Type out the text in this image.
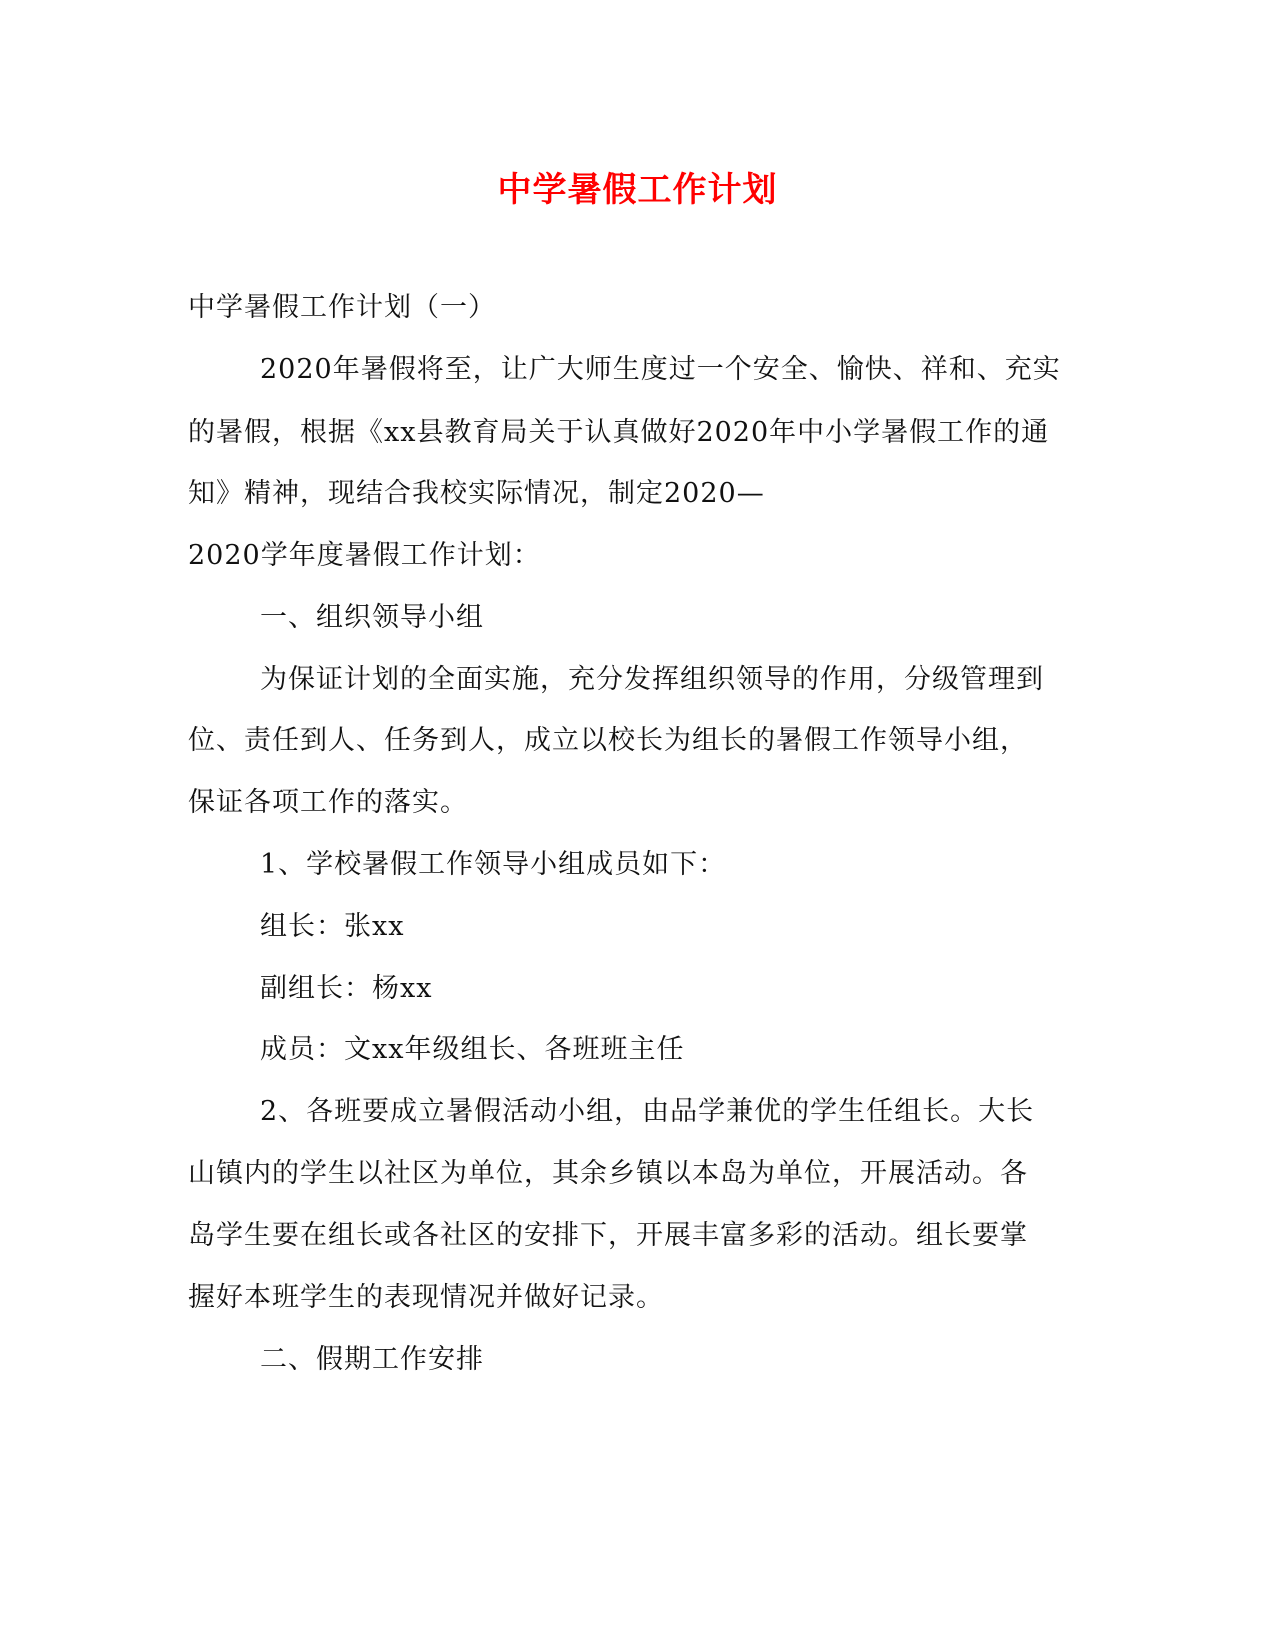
中学暑假工作计划
中学暑假工作计划（一）
2020年暑假将至，让广大师生度过一个安全、愉快、祥和、充实
的暑假，根据《xx县教育局关于认真做好2020年中小学暑假工作的通
知》精神，现结合我校实际情况，制定2020—
2020学年度暑假工作计划：
一、组织领导小组
为保证计划的全面实施，充分发挥组织领导的作用，分级管理到
位、责任到人、任务到人，成立以校长为组长的暑假工作领导小组，
保证各项工作的落实。
1、学校暑假工作领导小组成员如下：
组长：张xx
副组长：杨xx
成员：文xx年级组长、各班班主任
2、各班要成立暑假活动小组，由品学兼优的学生任组长。大长
山镇内的学生以社区为单位，其余乡镇以本岛为单位，开展活动。各
岛学生要在组长或各社区的安排下，开展丰富多彩的活动。组长要掌
握好本班学生的表现情况并做好记录。
二、假期工作安排
